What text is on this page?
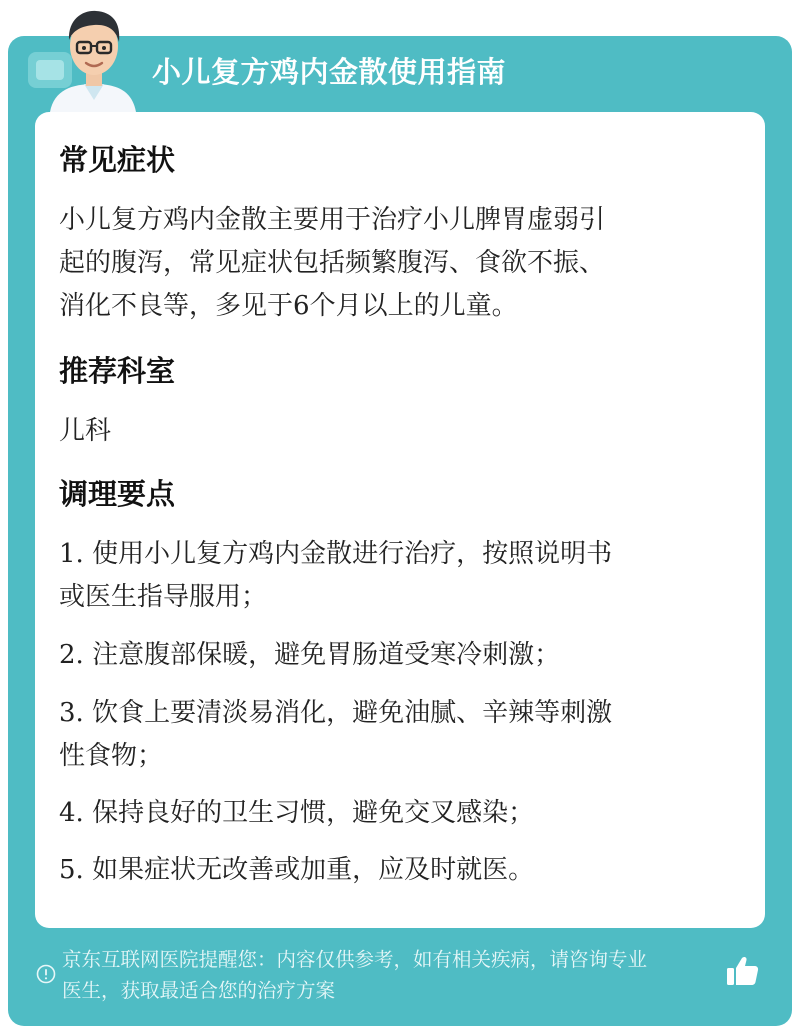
小儿复方鸡内金散使用指南
常见症状
小儿复方鸡内金散主要用于治疗小儿脾胃虚弱引
起的腹泻，常见症状包括频繁腹泻、食欲不振、
消化不良等，多见于6个月以上的儿童。
推荐科室
儿科
调理要点
1. 使用小儿复方鸡内金散进行治疗，按照说明书
或医生指导服用；
2. 注意腹部保暖，避免胃肠道受寒冷刺激；
3. 饮食上要清淡易消化，避免油腻、辛辣等刺激
性食物；
4. 保持良好的卫生习惯，避免交叉感染；
5. 如果症状无改善或加重，应及时就医。
京东互联网医院提醒您：内容仅供参考，如有相关疾病，请咨询专业
医生，获取最适合您的治疗方案
